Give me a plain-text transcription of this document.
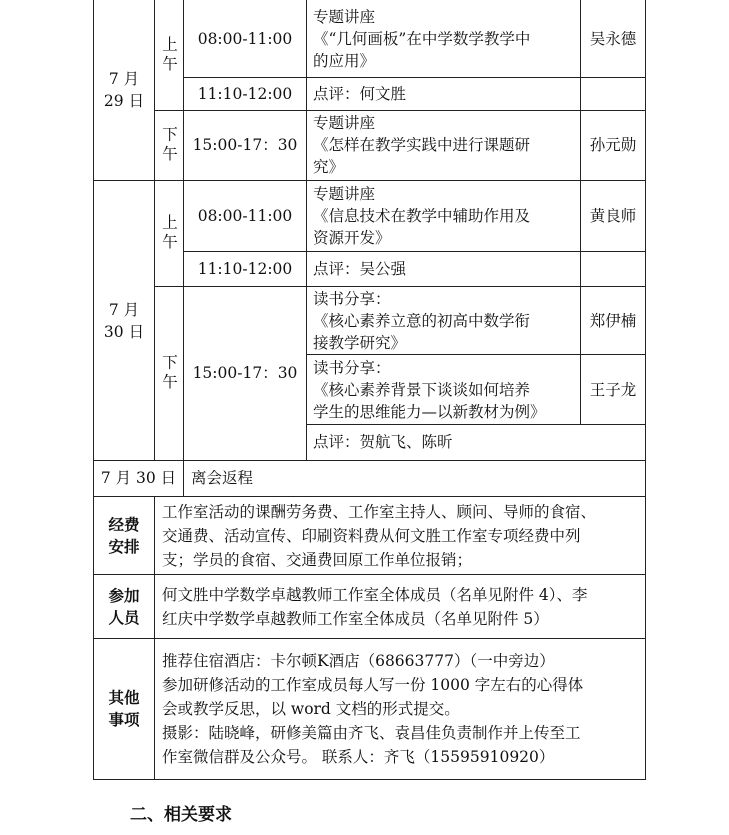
7 月
29 日
上午
下午
08:00-11:00
专题讲座
《“几何画板”在中学数学教学中
的应用》
吴永德
11:10-12:00	点评：何文胜
15:00-17：30
专题讲座
《怎样在教学实践中进行课题研
究》
孙元勋
7 月
30 日
上午
下午
08:00-11:00
专题讲座
《信息技术在教学中辅助作用及
资源开发》
黄良师
11:10-12:00	点评：吴公强
15:00-17：30
读书分享：
《核心素养立意的初高中数学衔
接教学研究》
郑伊楠
读书分享：
《核心素养背景下谈谈如何培养
学生的思维能力—以新教材为例》
王子龙
点评：贺航飞、陈昕
7 月 30 日 离会返程
经费
安排
工作室活动的课酬劳务费、工作室主持人、顾问、导师的食宿、
交通费、活动宣传、印刷资料费从何文胜工作室专项经费中列
支；学员的食宿、交通费回原工作单位报销；
参加
人员
何文胜中学数学卓越教师工作室全体成员（名单见附件 4）、李
红庆中学数学卓越教师工作室全体成员（名单见附件 5）
其他
事项
推荐住宿酒店：卡尔顿K酒店（68663777）（一中旁边）
参加研修活动的工作室成员每人写一份 1000 字左右的心得体
会或教学反思，以 word 文档的形式提交。
摄影：陆晓峰，研修美篇由齐飞、袁昌佳负责制作并上传至工
作室微信群及公众号。 联系人：齐飞（15595910920）
二、相关要求
